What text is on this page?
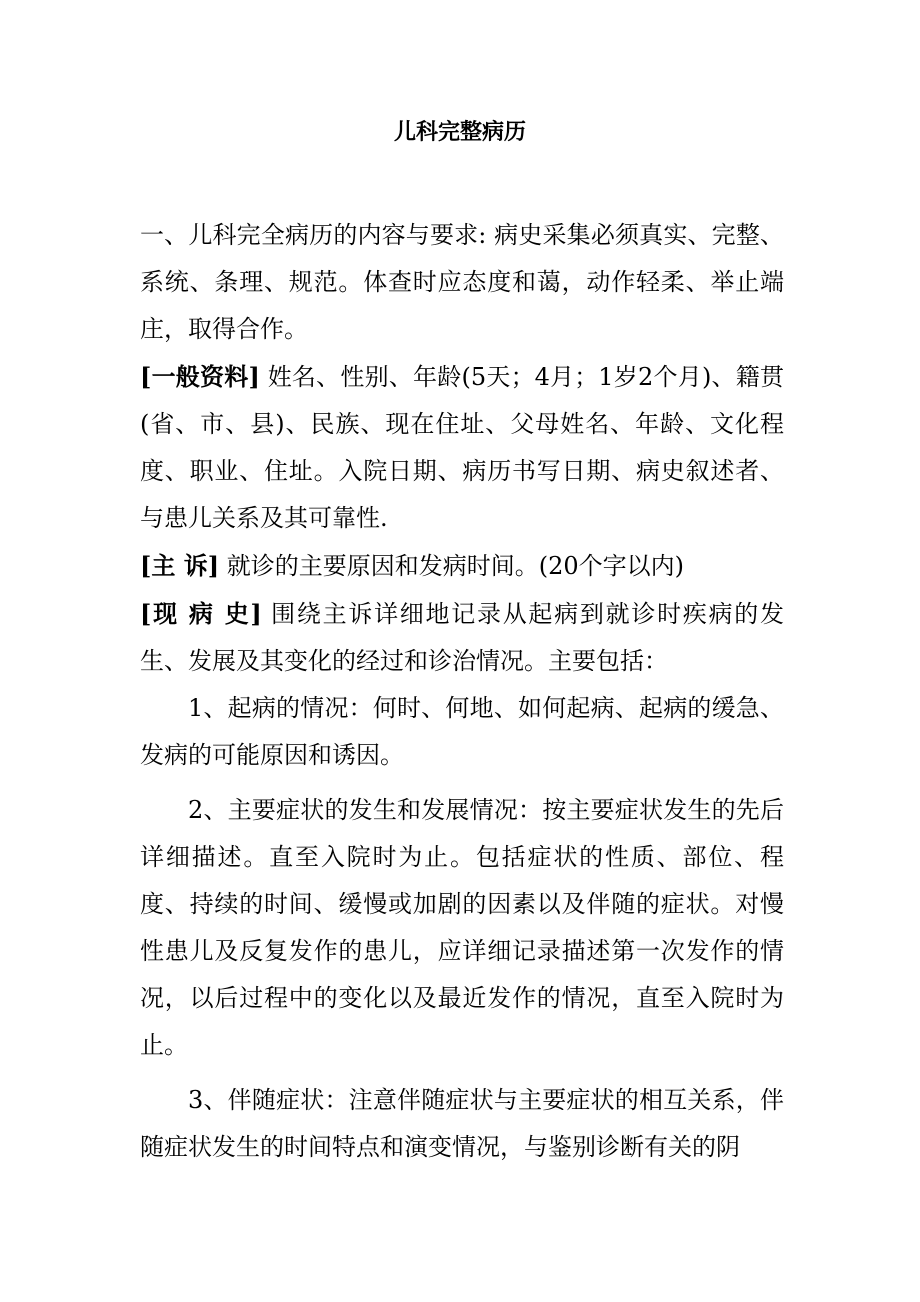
儿科完整病历

一、儿科完全病历的内容与要求: 病史采集必须真实、完整、系统、条理、规范。体查时应态度和蔼，动作轻柔、举止端庄，取得合作。

[一般资料] 姓名、性别、年龄(5天；4月；1岁2个月)、籍贯(省、市、县)、民族、现在住址、父母姓名、年龄、文化程度、职业、住址。入院日期、病历书写日期、病史叙述者、与患儿关系及其可靠性.

[主 诉] 就诊的主要原因和发病时间。(20个字以内)

[现 病 史] 围绕主诉详细地记录从起病到就诊时疾病的发生、发展及其变化的经过和诊治情况。主要包括：

1、起病的情况：何时、何地、如何起病、起病的缓急、发病的可能原因和诱因。

2、主要症状的发生和发展情况：按主要症状发生的先后详细描述。直至入院时为止。包括症状的性质、部位、程度、持续的时间、缓慢或加剧的因素以及伴随的症状。对慢性患儿及反复发作的患儿，应详细记录描述第一次发作的情况，以后过程中的变化以及最近发作的情况，直至入院时为止。

3、伴随症状：注意伴随症状与主要症状的相互关系，伴随症状发生的时间特点和演变情况，与鉴别诊断有关的阴
